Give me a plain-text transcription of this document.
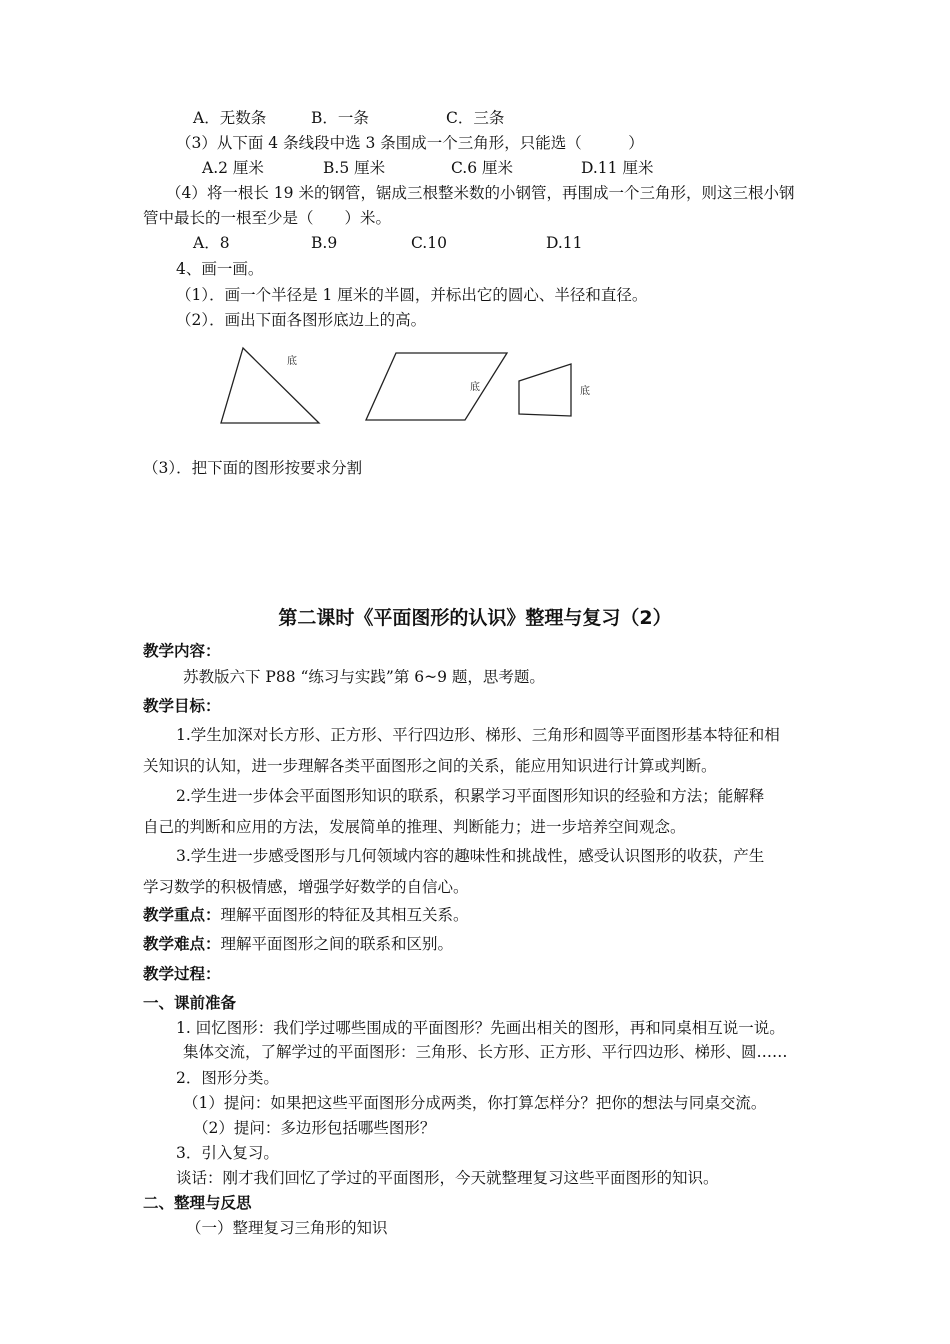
A．无数条	B．一条	C．三条
（3）从下面 4 条线段中选 3 条围成一个三角形，只能选（　　　）
A.2 厘米	B.5 厘米	C.6 厘米	D.11 厘米
（4）将一根长 19 米的钢管，锯成三根整米数的小钢管，再围成一个三角形，则这三根小钢
管中最长的一根至少是（　　）米。
A．8	B.9	C.10	D.11
4、画一画。
（1）．画一个半径是 1 厘米的半圆，并标出它的圆心、半径和直径。
（2）．画出下面各图形底边上的高。
底
底	底
（3）．把下面的图形按要求分割
第二课时《平面图形的认识》整理与复习（2）
教学内容：
苏教版六下 P88 “练习与实践”第 6~9 题，思考题。
教学目标：
1.学生加深对长方形、正方形、平行四边形、梯形、三角形和圆等平面图形基本特征和相
关知识的认知，进一步理解各类平面图形之间的关系，能应用知识进行计算或判断。
2.学生进一步体会平面图形知识的联系，积累学习平面图形知识的经验和方法；能解释
自己的判断和应用的方法，发展简单的推理、判断能力；进一步培养空间观念。
3.学生进一步感受图形与几何领域内容的趣味性和挑战性，感受认识图形的收获，产生
学习数学的积极情感，增强学好数学的自信心。
教学重点：理解平面图形的特征及其相互关系。
教学难点：理解平面图形之间的联系和区别。
教学过程：
一、课前准备
1. 回忆图形：我们学过哪些围成的平面图形？先画出相关的图形，再和同桌相互说一说。
集体交流，了解学过的平面图形：三角形、长方形、正方形、平行四边形、梯形、圆……
2．图形分类。
（1）提问：如果把这些平面图形分成两类，你打算怎样分？把你的想法与同桌交流。
（2）提问：多边形包括哪些图形？
3．引入复习。
谈话：刚才我们回忆了学过的平面图形，今天就整理复习这些平面图形的知识。
二、整理与反思
（一）整理复习三角形的知识
